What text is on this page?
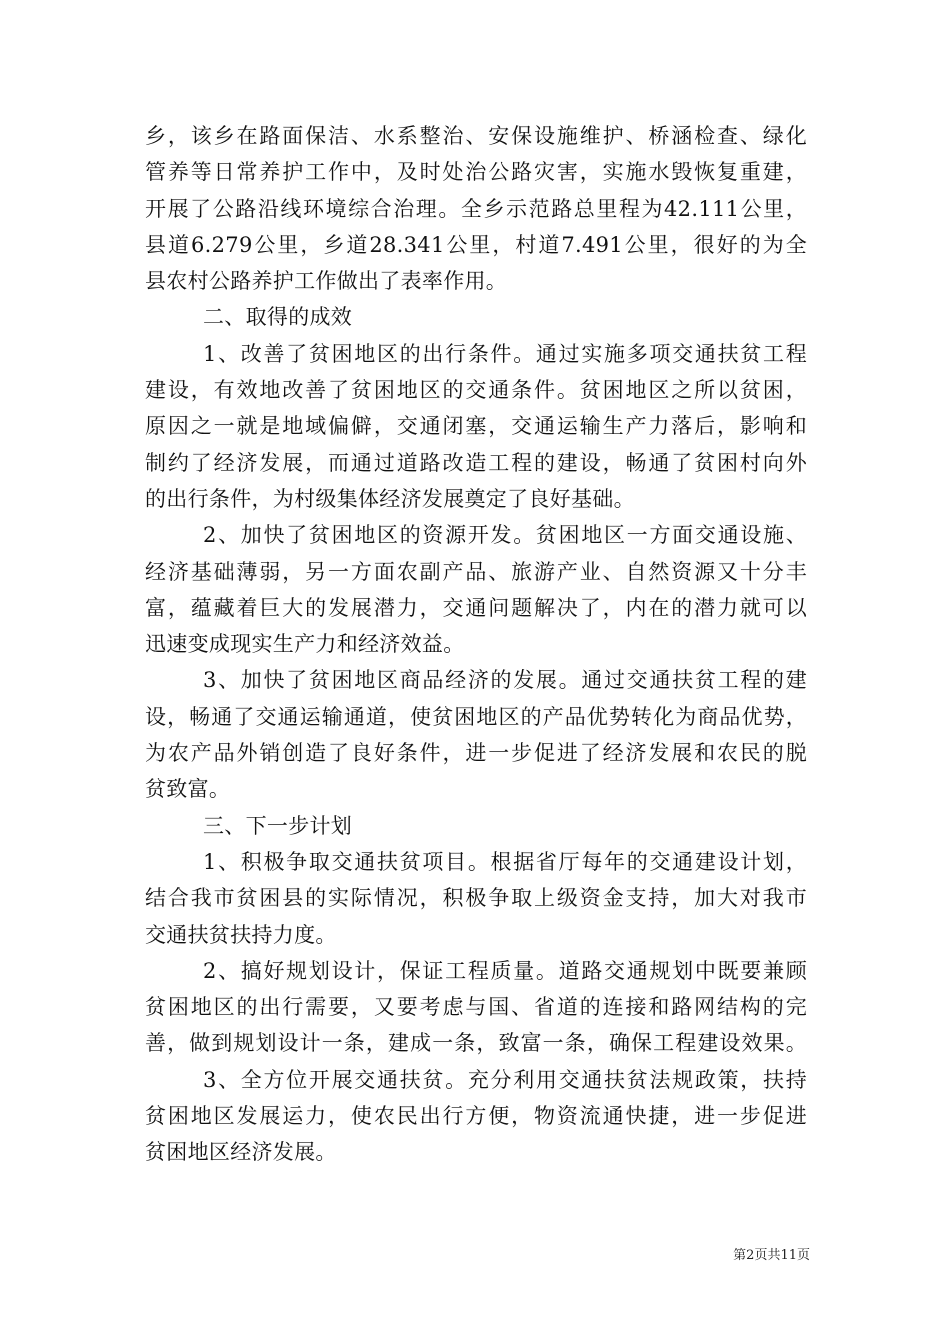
乡，该乡在路面保洁、水系整治、安保设施维护、桥涵检查、绿化
管养等日常养护工作中，及时处治公路灾害，实施水毁恢复重建，
开展了公路沿线环境综合治理。全乡示范路总里程为42.111公里，
县道6.279公里，乡道28.341公里，村道7.491公里，很好的为全
县农村公路养护工作做出了表率作用。
二、取得的成效
1、改善了贫困地区的出行条件。通过实施多项交通扶贫工程
建设，有效地改善了贫困地区的交通条件。贫困地区之所以贫困，
原因之一就是地域偏僻，交通闭塞，交通运输生产力落后，影响和
制约了经济发展，而通过道路改造工程的建设，畅通了贫困村向外
的出行条件，为村级集体经济发展奠定了良好基础。
2、加快了贫困地区的资源开发。贫困地区一方面交通设施、
经济基础薄弱，另一方面农副产品、旅游产业、自然资源又十分丰
富，蕴藏着巨大的发展潜力，交通问题解决了，内在的潜力就可以
迅速变成现实生产力和经济效益。
3、加快了贫困地区商品经济的发展。通过交通扶贫工程的建
设，畅通了交通运输通道，使贫困地区的产品优势转化为商品优势，
为农产品外销创造了良好条件，进一步促进了经济发展和农民的脱
贫致富。
三、下一步计划
1、积极争取交通扶贫项目。根据省厅每年的交通建设计划，
结合我市贫困县的实际情况，积极争取上级资金支持，加大对我市
交通扶贫扶持力度。
2、搞好规划设计，保证工程质量。道路交通规划中既要兼顾
贫困地区的出行需要，又要考虑与国、省道的连接和路网结构的完
善，做到规划设计一条，建成一条，致富一条，确保工程建设效果。
3、全方位开展交通扶贫。充分利用交通扶贫法规政策，扶持
贫困地区发展运力，使农民出行方便，物资流通快捷，进一步促进
贫困地区经济发展。
第2页共11页
